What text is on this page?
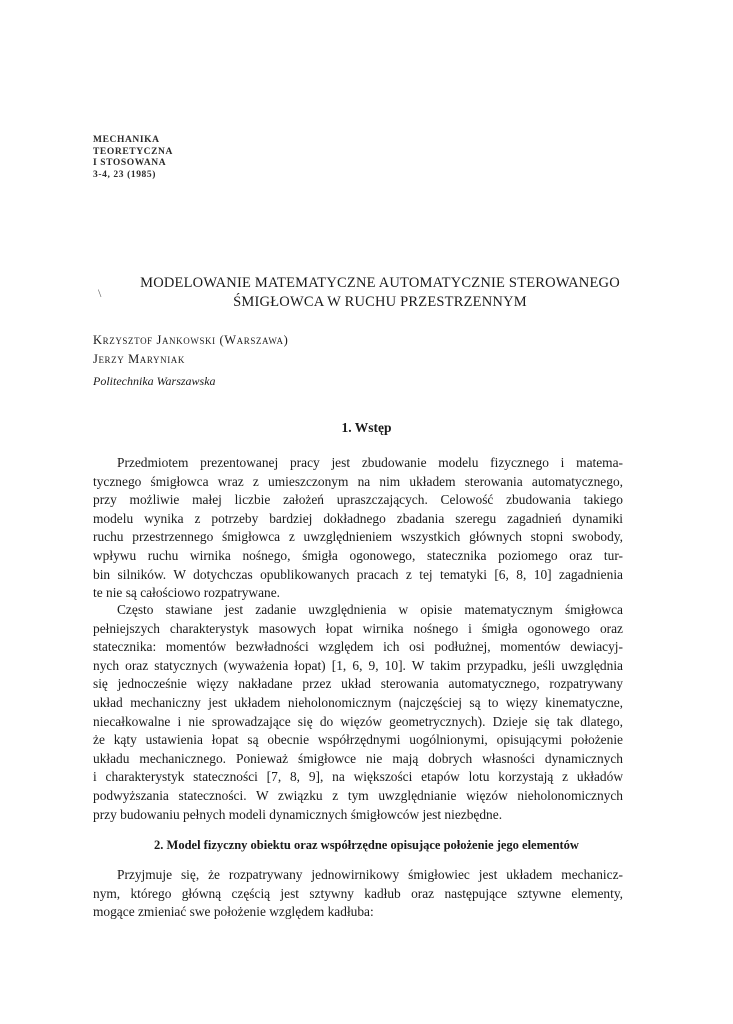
MECHANIKA
TEORETYCZNA
I STOSOWANA
3-4, 23 (1985)
\
MODELOWANIE MATEMATYCZNE AUTOMATYCZNIE STEROWANEGO
ŚMIGŁOWCA W RUCHU PRZESTRZENNYM
Krzysztof Jankowski (Warszawa)
Jerzy Maryniak
Politechnika Warszawska
1. Wstęp
Przedmiotem prezentowanej pracy jest zbudowanie modelu fizycznego i matema-
tycznego śmigłowca wraz z umieszczonym na nim układem sterowania automatycznego,
przy możliwie małej liczbie założeń upraszczających. Celowość zbudowania takiego
modelu wynika z potrzeby bardziej dokładnego zbadania szeregu zagadnień dynamiki
ruchu przestrzennego śmigłowca z uwzględnieniem wszystkich głównych stopni swobody,
wpływu ruchu wirnika nośnego, śmigła ogonowego, statecznika poziomego oraz tur-
bin silników. W dotychczas opublikowanych pracach z tej tematyki [6, 8, 10] zagadnienia
te nie są całościowo rozpatrywane.
Często stawiane jest zadanie uwzględnienia w opisie matematycznym śmigłowca
pełniejszych charakterystyk masowych łopat wirnika nośnego i śmigła ogonowego oraz
statecznika: momentów bezwładności względem ich osi podłużnej, momentów dewiacyj-
nych oraz statycznych (wyważenia łopat) [1, 6, 9, 10]. W takim przypadku, jeśli uwzględnia
się jednocześnie więzy nakładane przez układ sterowania automatycznego, rozpatrywany
układ mechaniczny jest układem nieholonomicznym (najczęściej są to więzy kinematyczne,
niecałkowalne i nie sprowadzające się do więzów geometrycznych). Dzieje się tak dlatego,
że kąty ustawienia łopat są obecnie współrzędnymi uogólnionymi, opisującymi położenie
układu mechanicznego. Ponieważ śmigłowce nie mają dobrych własności dynamicznych
i charakterystyk stateczności [7, 8, 9], na większości etapów lotu korzystają z układów
podwyższania stateczności. W związku z tym uwzględnianie więzów nieholonomicznych
przy budowaniu pełnych modeli dynamicznych śmigłowców jest niezbędne.
2. Model fizyczny obiektu oraz współrzędne opisujące położenie jego elementów
Przyjmuje się, że rozpatrywany jednowirnikowy śmigłowiec jest układem mechanicz-
nym, którego główną częścią jest sztywny kadłub oraz następujące sztywne elementy,
mogące zmieniać swe położenie względem kadłuba:
